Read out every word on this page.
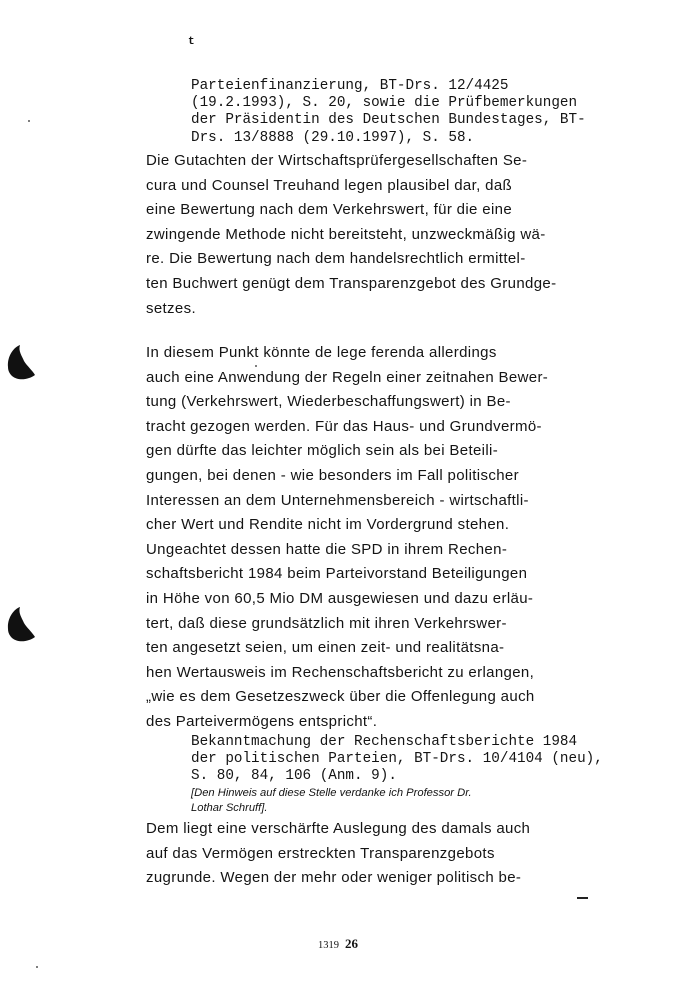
t
Parteienfinanzierung, BT-Drs. 12/4425
(19.2.1993), S. 20, sowie die Prüfbemerkungen
der Präsidentin des Deutschen Bundestages, BT-
Drs. 13/8888 (29.10.1997), S. 58.
Die Gutachten der Wirtschaftsprüfergesellschaften Se-
cura und Counsel Treuhand legen plausibel dar, daß
eine Bewertung nach dem Verkehrswert, für die eine
zwingende Methode nicht bereitsteht, unzweckmäßig wä-
re. Die Bewertung nach dem handelsrechtlich ermittel-
ten Buchwert genügt dem Transparenzgebot des Grundge-
setzes.
In diesem Punkt könnte de lege ferenda allerdings
auch eine Anwendung der Regeln einer zeitnahen Bewer-
tung (Verkehrswert, Wiederbeschaffungswert) in Be-
tracht gezogen werden. Für das Haus- und Grundvermö-
gen dürfte das leichter möglich sein als bei Beteili-
gungen, bei denen - wie besonders im Fall politischer
Interessen an dem Unternehmensbereich - wirtschaftli-
cher Wert und Rendite nicht im Vordergrund stehen.
Ungeachtet dessen hatte die SPD in ihrem Rechen-
schaftsbericht 1984 beim Parteivorstand Beteiligungen
in Höhe von 60,5 Mio DM ausgewiesen und dazu erläu-
tert, daß diese grundsätzlich mit ihren Verkehrswer-
ten angesetzt seien, um einen zeit- und realitätsna-
hen Wertausweis im Rechenschaftsbericht zu erlangen,
„wie es dem Gesetzeszweck über die Offenlegung auch
des Parteivermögens entspricht“.
Bekanntmachung der Rechenschaftsberichte 1984
der politischen Parteien, BT-Drs. 10/4104 (neu),
S. 80, 84, 106 (Anm. 9).
[Den Hinweis auf diese Stelle verdanke ich Professor Dr.
Lothar Schruff].
Dem liegt eine verschärfte Auslegung des damals auch
auf das Vermögen erstreckten Transparenzgebots
zugrunde. Wegen der mehr oder weniger politisch be-
1319 26
